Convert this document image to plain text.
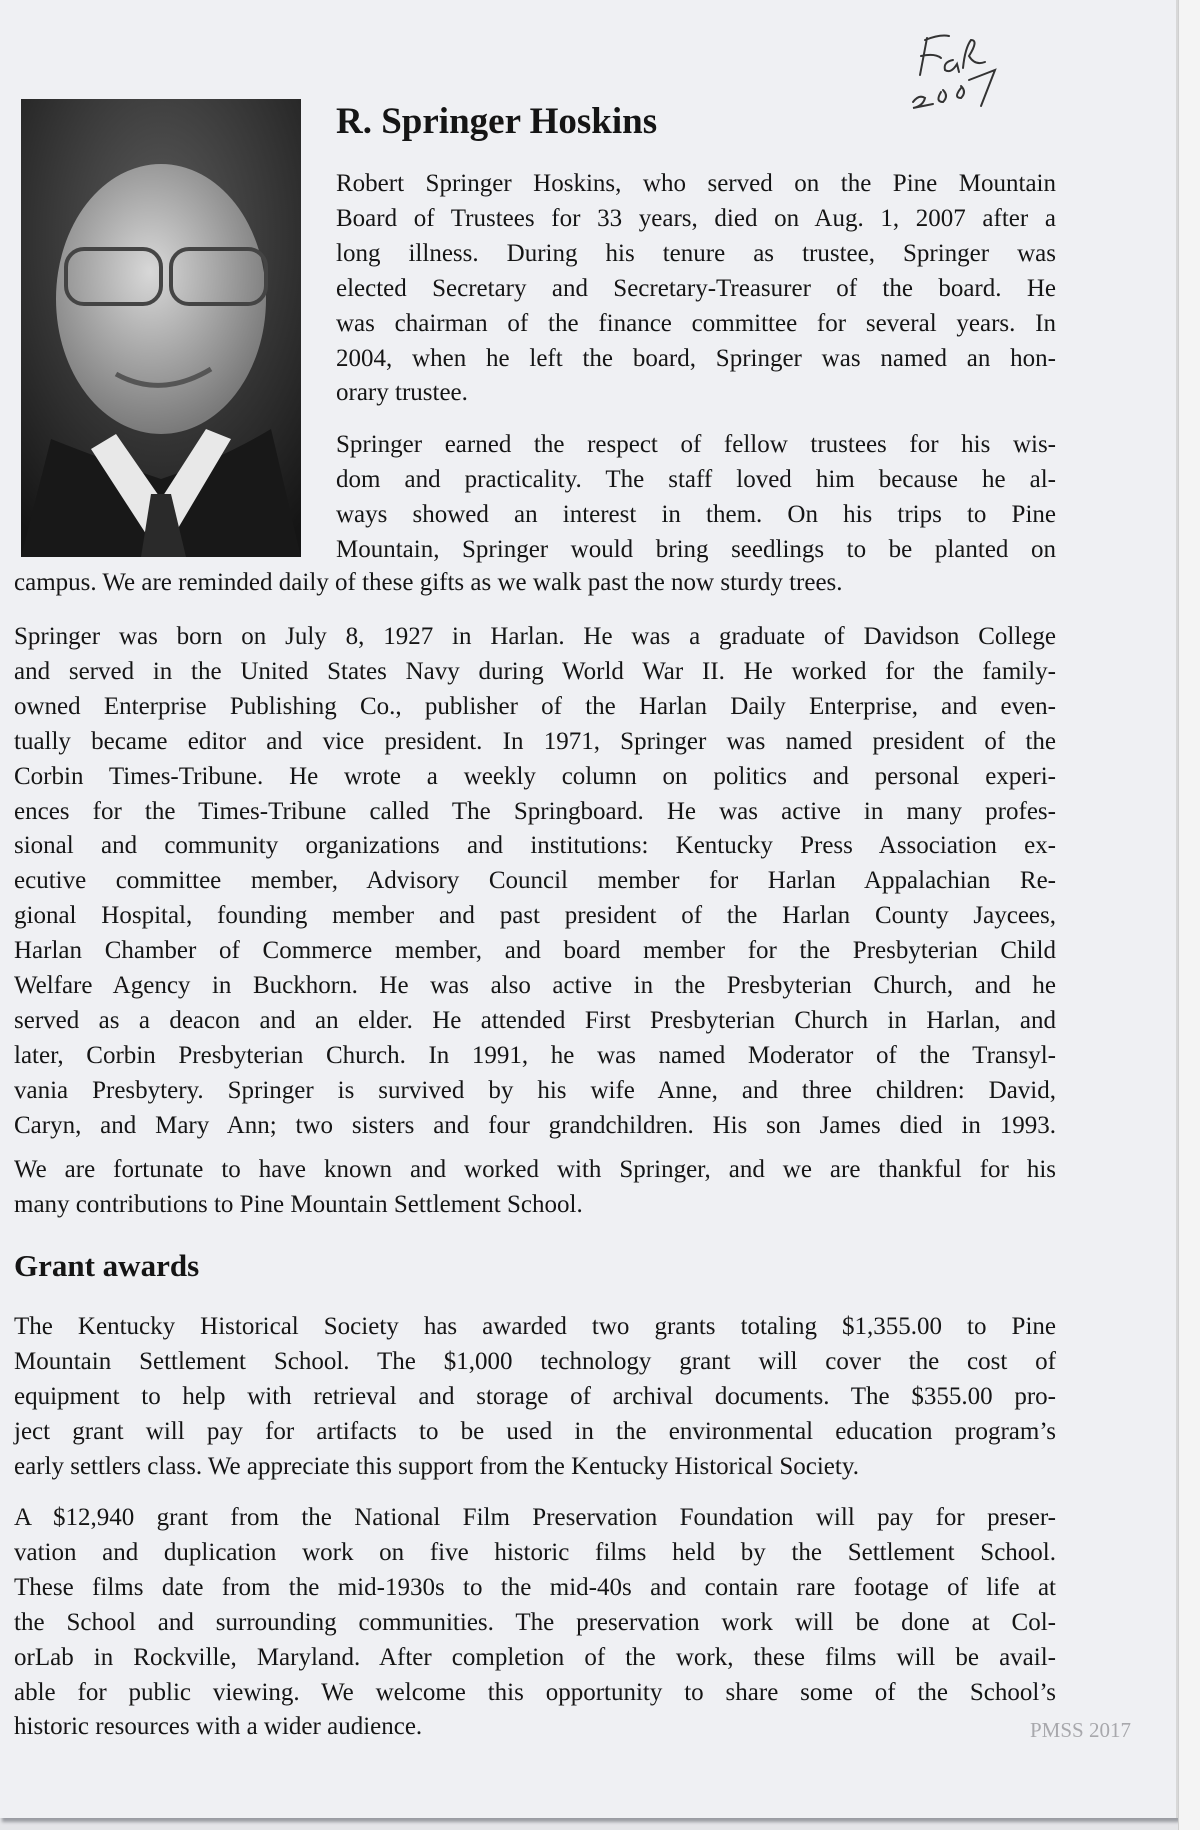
R. Springer Hoskins
Robert Springer Hoskins, who served on the Pine Mountain
Board of Trustees for 33 years, died on Aug. 1, 2007 after a
long illness. During his tenure as trustee, Springer was
elected Secretary and Secretary-Treasurer of the board. He
was chairman of the finance committee for several years. In
2004, when he left the board, Springer was named an hon-
orary trustee.
Springer earned the respect of fellow trustees for his wis-
dom and practicality. The staff loved him because he al-
ways showed an interest in them. On his trips to Pine
Mountain, Springer would bring seedlings to be planted on
campus. We are reminded daily of these gifts as we walk past the now sturdy trees.
Springer was born on July 8, 1927 in Harlan. He was a graduate of Davidson College
and served in the United States Navy during World War II. He worked for the family-
owned Enterprise Publishing Co., publisher of the Harlan Daily Enterprise, and even-
tually became editor and vice president. In 1971, Springer was named president of the
Corbin Times-Tribune. He wrote a weekly column on politics and personal experi-
ences for the Times-Tribune called The Springboard. He was active in many profes-
sional and community organizations and institutions: Kentucky Press Association ex-
ecutive committee member, Advisory Council member for Harlan Appalachian Re-
gional Hospital, founding member and past president of the Harlan County Jaycees,
Harlan Chamber of Commerce member, and board member for the Presbyterian Child
Welfare Agency in Buckhorn. He was also active in the Presbyterian Church, and he
served as a deacon and an elder. He attended First Presbyterian Church in Harlan, and
later, Corbin Presbyterian Church. In 1991, he was named Moderator of the Transyl-
vania Presbytery. Springer is survived by his wife Anne, and three children: David,
Caryn, and Mary Ann; two sisters and four grandchildren. His son James died in 1993.
We are fortunate to have known and worked with Springer, and we are thankful for his
many contributions to Pine Mountain Settlement School.
Grant awards
The Kentucky Historical Society has awarded two grants totaling $1,355.00 to Pine
Mountain Settlement School. The $1,000 technology grant will cover the cost of
equipment to help with retrieval and storage of archival documents. The $355.00 pro-
ject grant will pay for artifacts to be used in the environmental education program’s
early settlers class. We appreciate this support from the Kentucky Historical Society.
A $12,940 grant from the National Film Preservation Foundation will pay for preser-
vation and duplication work on five historic films held by the Settlement School.
These films date from the mid-1930s to the mid-40s and contain rare footage of life at
the School and surrounding communities. The preservation work will be done at Col-
orLab in Rockville, Maryland. After completion of the work, these films will be avail-
able for public viewing. We welcome this opportunity to share some of the School’s
historic resources with a wider audience.	PMSS 2017
